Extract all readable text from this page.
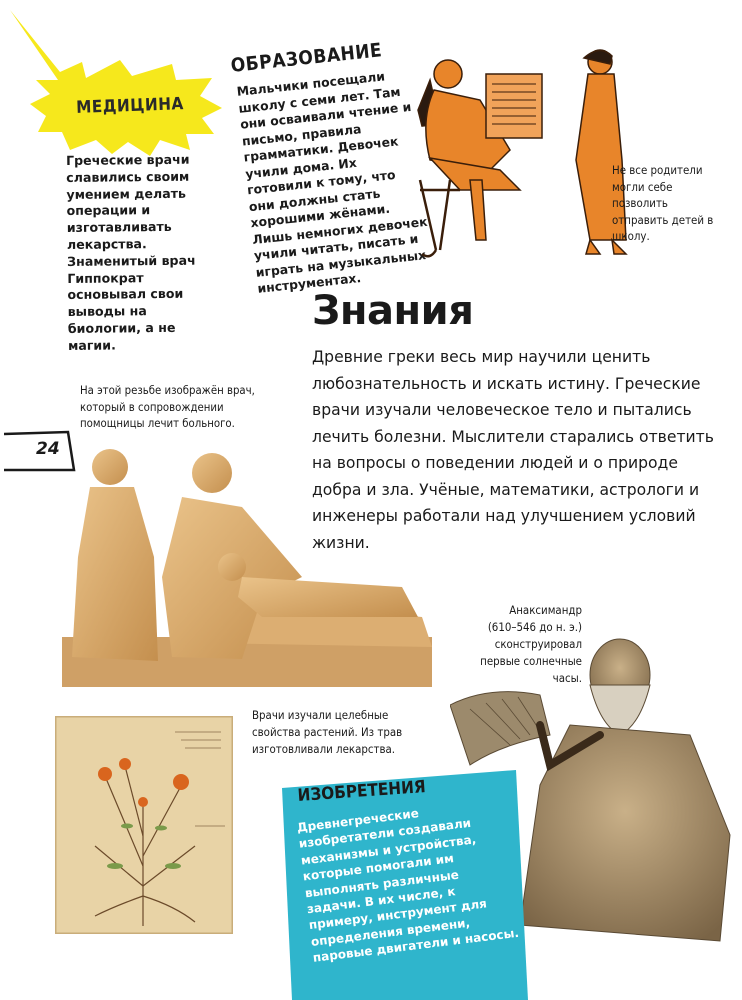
МЕДИЦИНА
Греческие врачи славились своим умением делать операции и изготавливать лекарства. Знаменитый врач Гиппократ основывал свои выводы на биологии, а не магии.
ОБРАЗОВАНИЕ
Мальчики посещали школу с семи лет. Там они осваивали чтение и письмо, правила грамматики. Девочек учили дома. Их готовили к тому, что они должны стать хорошими жёнами. Лишь немногих девочек учили читать, писать и играть на музыкальных инструментах.
Не все родители могли себе позволить отправить детей в школу.
Знания
Древние греки весь мир научили ценить любознательность и искать истину. Греческие врачи изучали человеческое тело и пытались лечить болезни. Мыслители старались ответить на вопросы о поведении людей и о природе добра и зла. Учёные, математики, астрологи и инженеры работали над улучшением условий жизни.
24
На этой резьбе изображён врач, который в сопровождении помощницы лечит больного.
Анаксимандр
(610–546 до н. э.)
сконструировал первые солнечные часы.
Врачи изучали целебные свойства растений. Из трав изготовливали лекарства.
ИЗОБРЕТЕНИЯ
Древнегреческие изобретатели создавали механизмы и устройства, которые помогали им выполнять различные задачи. В их числе, к примеру, инструмент для определения времени, паровые двигатели и насосы.
